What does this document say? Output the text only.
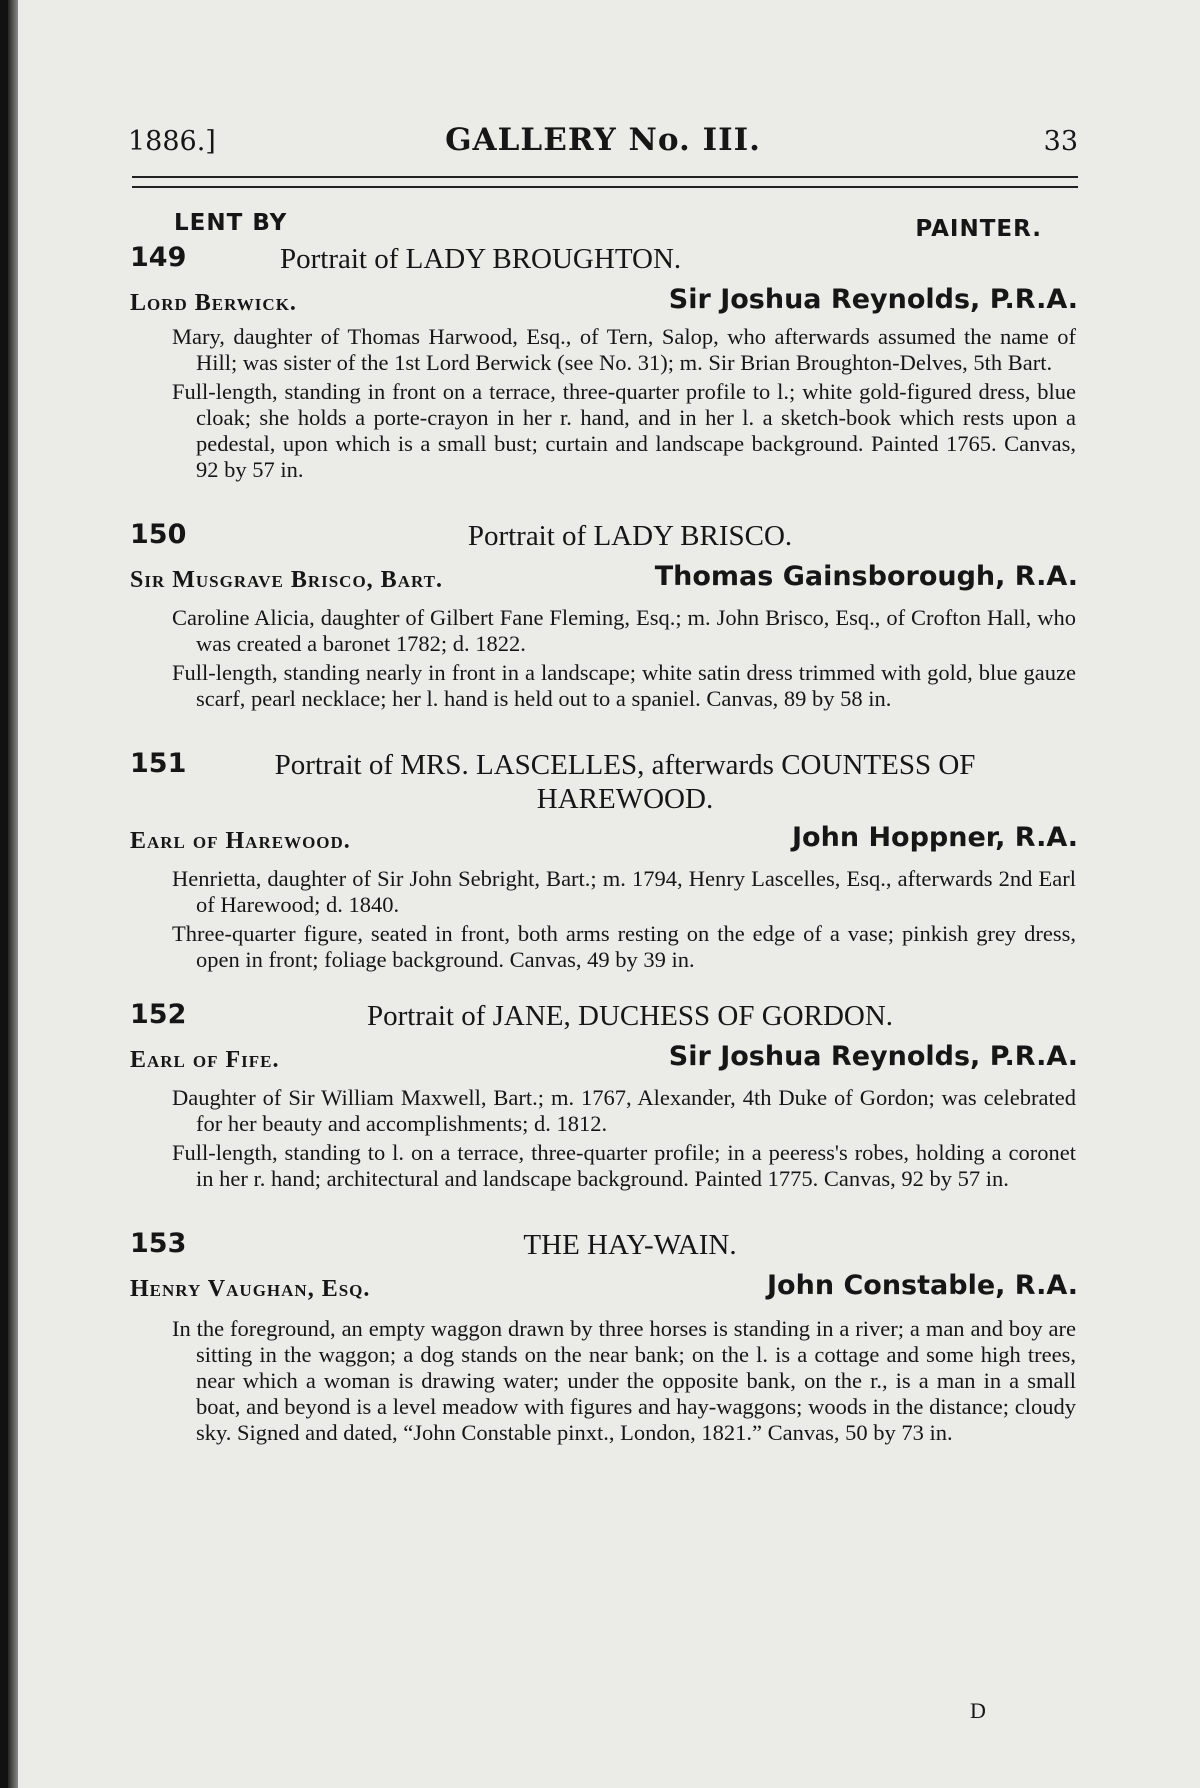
1886.]	GALLERY No. III.	33
LENT BY	PAINTER.
149	Portrait of LADY BROUGHTON.
Lord Berwick.	Sir Joshua Reynolds, P.R.A.

Mary, daughter of Thomas Harwood, Esq., of Tern, Salop, who afterwards assumed the name of Hill; was sister of the 1st Lord Berwick (see No. 31); m. Sir Brian Broughton-Delves, 5th Bart.

Full-length, standing in front on a terrace, three-quarter profile to l.; white gold-figured dress, blue cloak; she holds a porte-crayon in her r. hand, and in her l. a sketch-book which rests upon a pedestal, upon which is a small bust; curtain and landscape background. Painted 1765. Canvas, 92 by 57 in.

150	Portrait of LADY BRISCO.
Sir Musgrave Brisco, Bart.	Thomas Gainsborough, R.A.

Caroline Alicia, daughter of Gilbert Fane Fleming, Esq.; m. John Brisco, Esq., of Crofton Hall, who was created a baronet 1782; d. 1822.

Full-length, standing nearly in front in a landscape; white satin dress trimmed with gold, blue gauze scarf, pearl necklace; her l. hand is held out to a spaniel. Canvas, 89 by 58 in.

151	Portrait of MRS. LASCELLES, afterwards COUNTESS OF HAREWOOD.
Earl of Harewood.	John Hoppner, R.A.

Henrietta, daughter of Sir John Sebright, Bart.; m. 1794, Henry Lascelles, Esq., afterwards 2nd Earl of Harewood; d. 1840.

Three-quarter figure, seated in front, both arms resting on the edge of a vase; pinkish grey dress, open in front; foliage background. Canvas, 49 by 39 in.

152	Portrait of JANE, DUCHESS OF GORDON.
Earl of Fife.	Sir Joshua Reynolds, P.R.A.

Daughter of Sir William Maxwell, Bart.; m. 1767, Alexander, 4th Duke of Gordon; was celebrated for her beauty and accomplishments; d. 1812.

Full-length, standing to l. on a terrace, three-quarter profile; in a peeress's robes, holding a coronet in her r. hand; architectural and landscape background. Painted 1775. Canvas, 92 by 57 in.

153	THE HAY-WAIN.
Henry Vaughan, Esq.	John Constable, R.A.

In the foreground, an empty waggon drawn by three horses is standing in a river; a man and boy are sitting in the waggon; a dog stands on the near bank; on the l. is a cottage and some high trees, near which a woman is drawing water; under the opposite bank, on the r., is a man in a small boat, and beyond is a level meadow with figures and hay-waggons; woods in the distance; cloudy sky. Signed and dated, “John Constable pinxt., London, 1821.” Canvas, 50 by 73 in.

D
